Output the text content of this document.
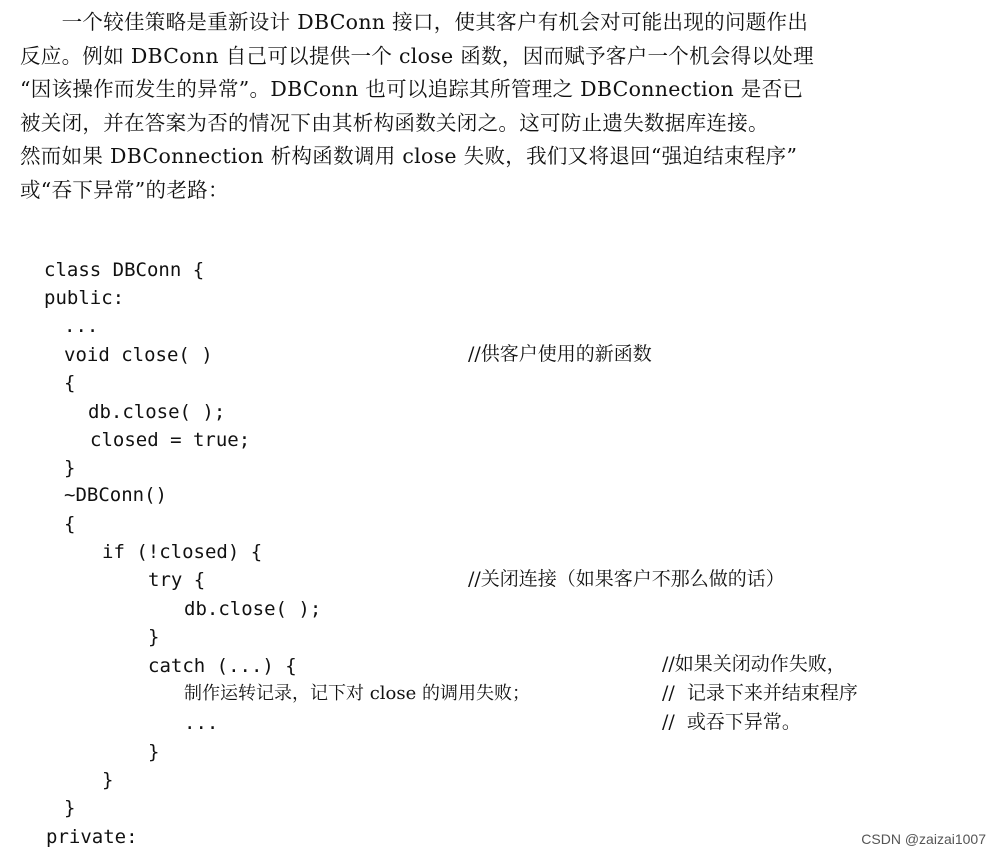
　　一个较佳策略是重新设计 DBConn 接口，使其客户有机会对可能出现的问题作出
反应。例如 DBConn 自己可以提供一个 close 函数，因而赋予客户一个机会得以处理
“因该操作而发生的异常”。DBConn 也可以追踪其所管理之 DBConnection 是否已
被关闭，并在答案为否的情况下由其析构函数关闭之。这可防止遗失数据库连接。
然而如果 DBConnection 析构函数调用 close 失败，我们又将退回“强迫结束程序”
或“吞下异常”的老路：
class DBConn {
public:
...
void close( )
{
db.close( );
closed = true;
}
~DBConn()
{
if (!closed) {
try {
db.close( );
}
catch (...) {
制作运转记录，记下对 close 的调用失败；
...
}
}
}
private:
//供客户使用的新函数
//关闭连接（如果客户不那么做的话）
//如果关闭动作失败，
//  记录下来并结束程序
//  或吞下异常。
CSDN @zaizai1007
